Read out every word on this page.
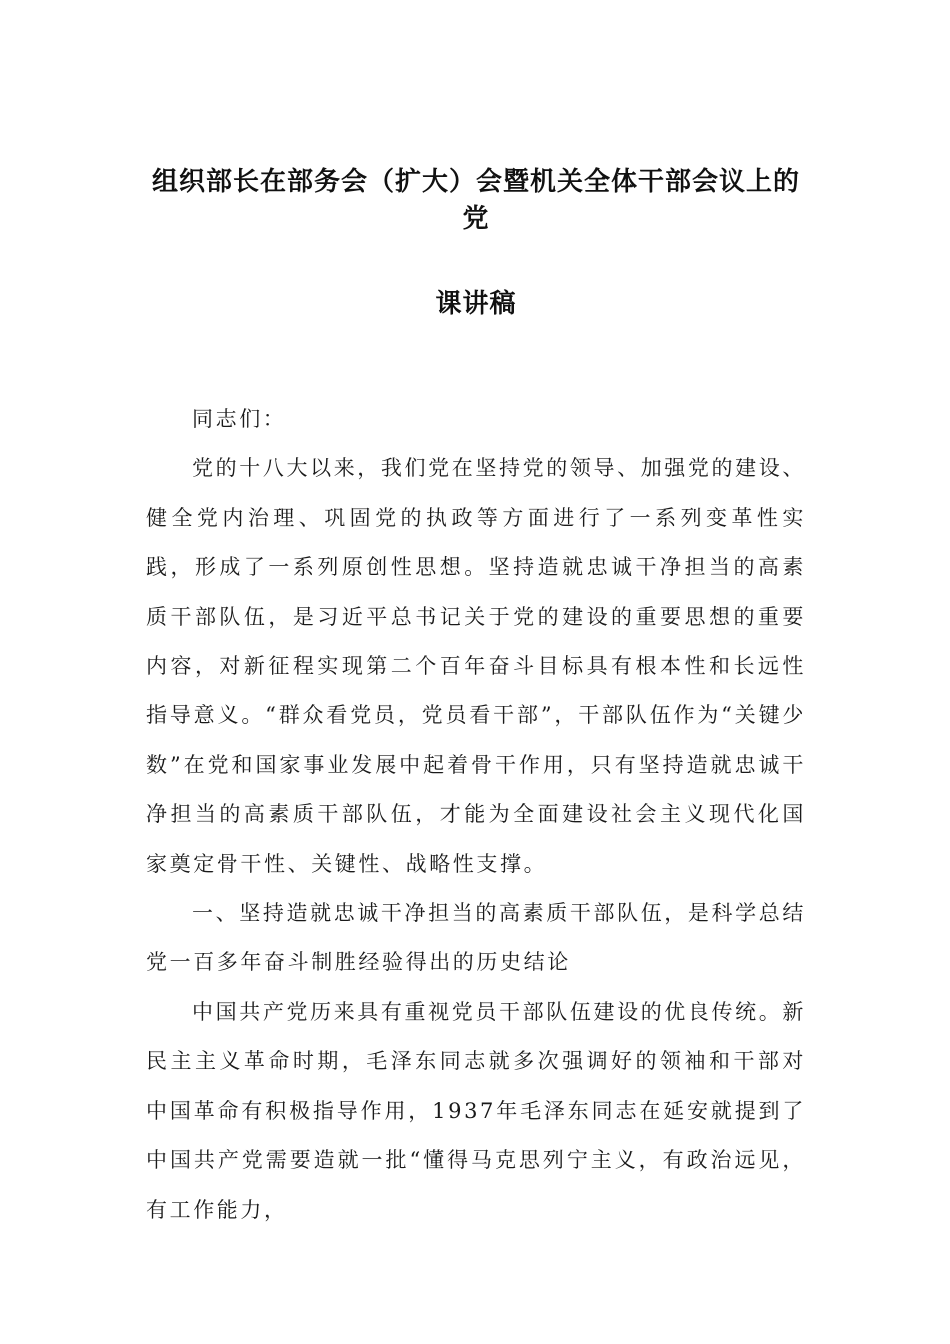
组织部长在部务会（扩大）会暨机关全体干部会议上的党
课讲稿

同志们：

党的十八大以来，我们党在坚持党的领导、加强党的建设、健全党内治理、巩固党的执政等方面进行了一系列变革性实践，形成了一系列原创性思想。坚持造就忠诚干净担当的高素质干部队伍，是习近平总书记关于党的建设的重要思想的重要内容，对新征程实现第二个百年奋斗目标具有根本性和长远性指导意义。“群众看党员，党员看干部”，干部队伍作为“关键少数”在党和国家事业发展中起着骨干作用，只有坚持造就忠诚干净担当的高素质干部队伍，才能为全面建设社会主义现代化国家奠定骨干性、关键性、战略性支撑。

一、坚持造就忠诚干净担当的高素质干部队伍，是科学总结党一百多年奋斗制胜经验得出的历史结论

中国共产党历来具有重视党员干部队伍建设的优良传统。新民主主义革命时期，毛泽东同志就多次强调好的领袖和干部对中国革命有积极指导作用，1937年毛泽东同志在延安就提到了中国共产党需要造就一批“懂得马克思列宁主义，有政治远见，有工作能力，
